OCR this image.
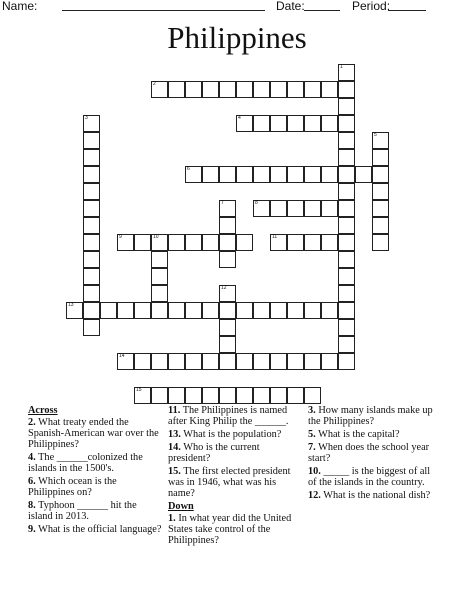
Name:	Date:	Period:
Philippines
1
2
3	4
5
6
7	8
9	10	11
12
13
14
15
Across
2. What treaty ended the Spanish-American war over the Philippines?
4. The ______colonized the islands in the 1500's.
6. Which ocean is the Philippines on?
8. Typhoon ______ hit the island in 2013.
9. What is the official language?
11. The Philippines is named after King Philip the ______.
13. What is the population?
14. Who is the current president?
15. The first elected president was in 1946, what was his name?
Down
1. In what year did the United States take control of the Philippines?
3. How many islands make up the Philippines?
5. What is the capital?
7. When does the school year start?
10. _____ is the biggest of all of the islands in the country.
12. What is the national dish?
